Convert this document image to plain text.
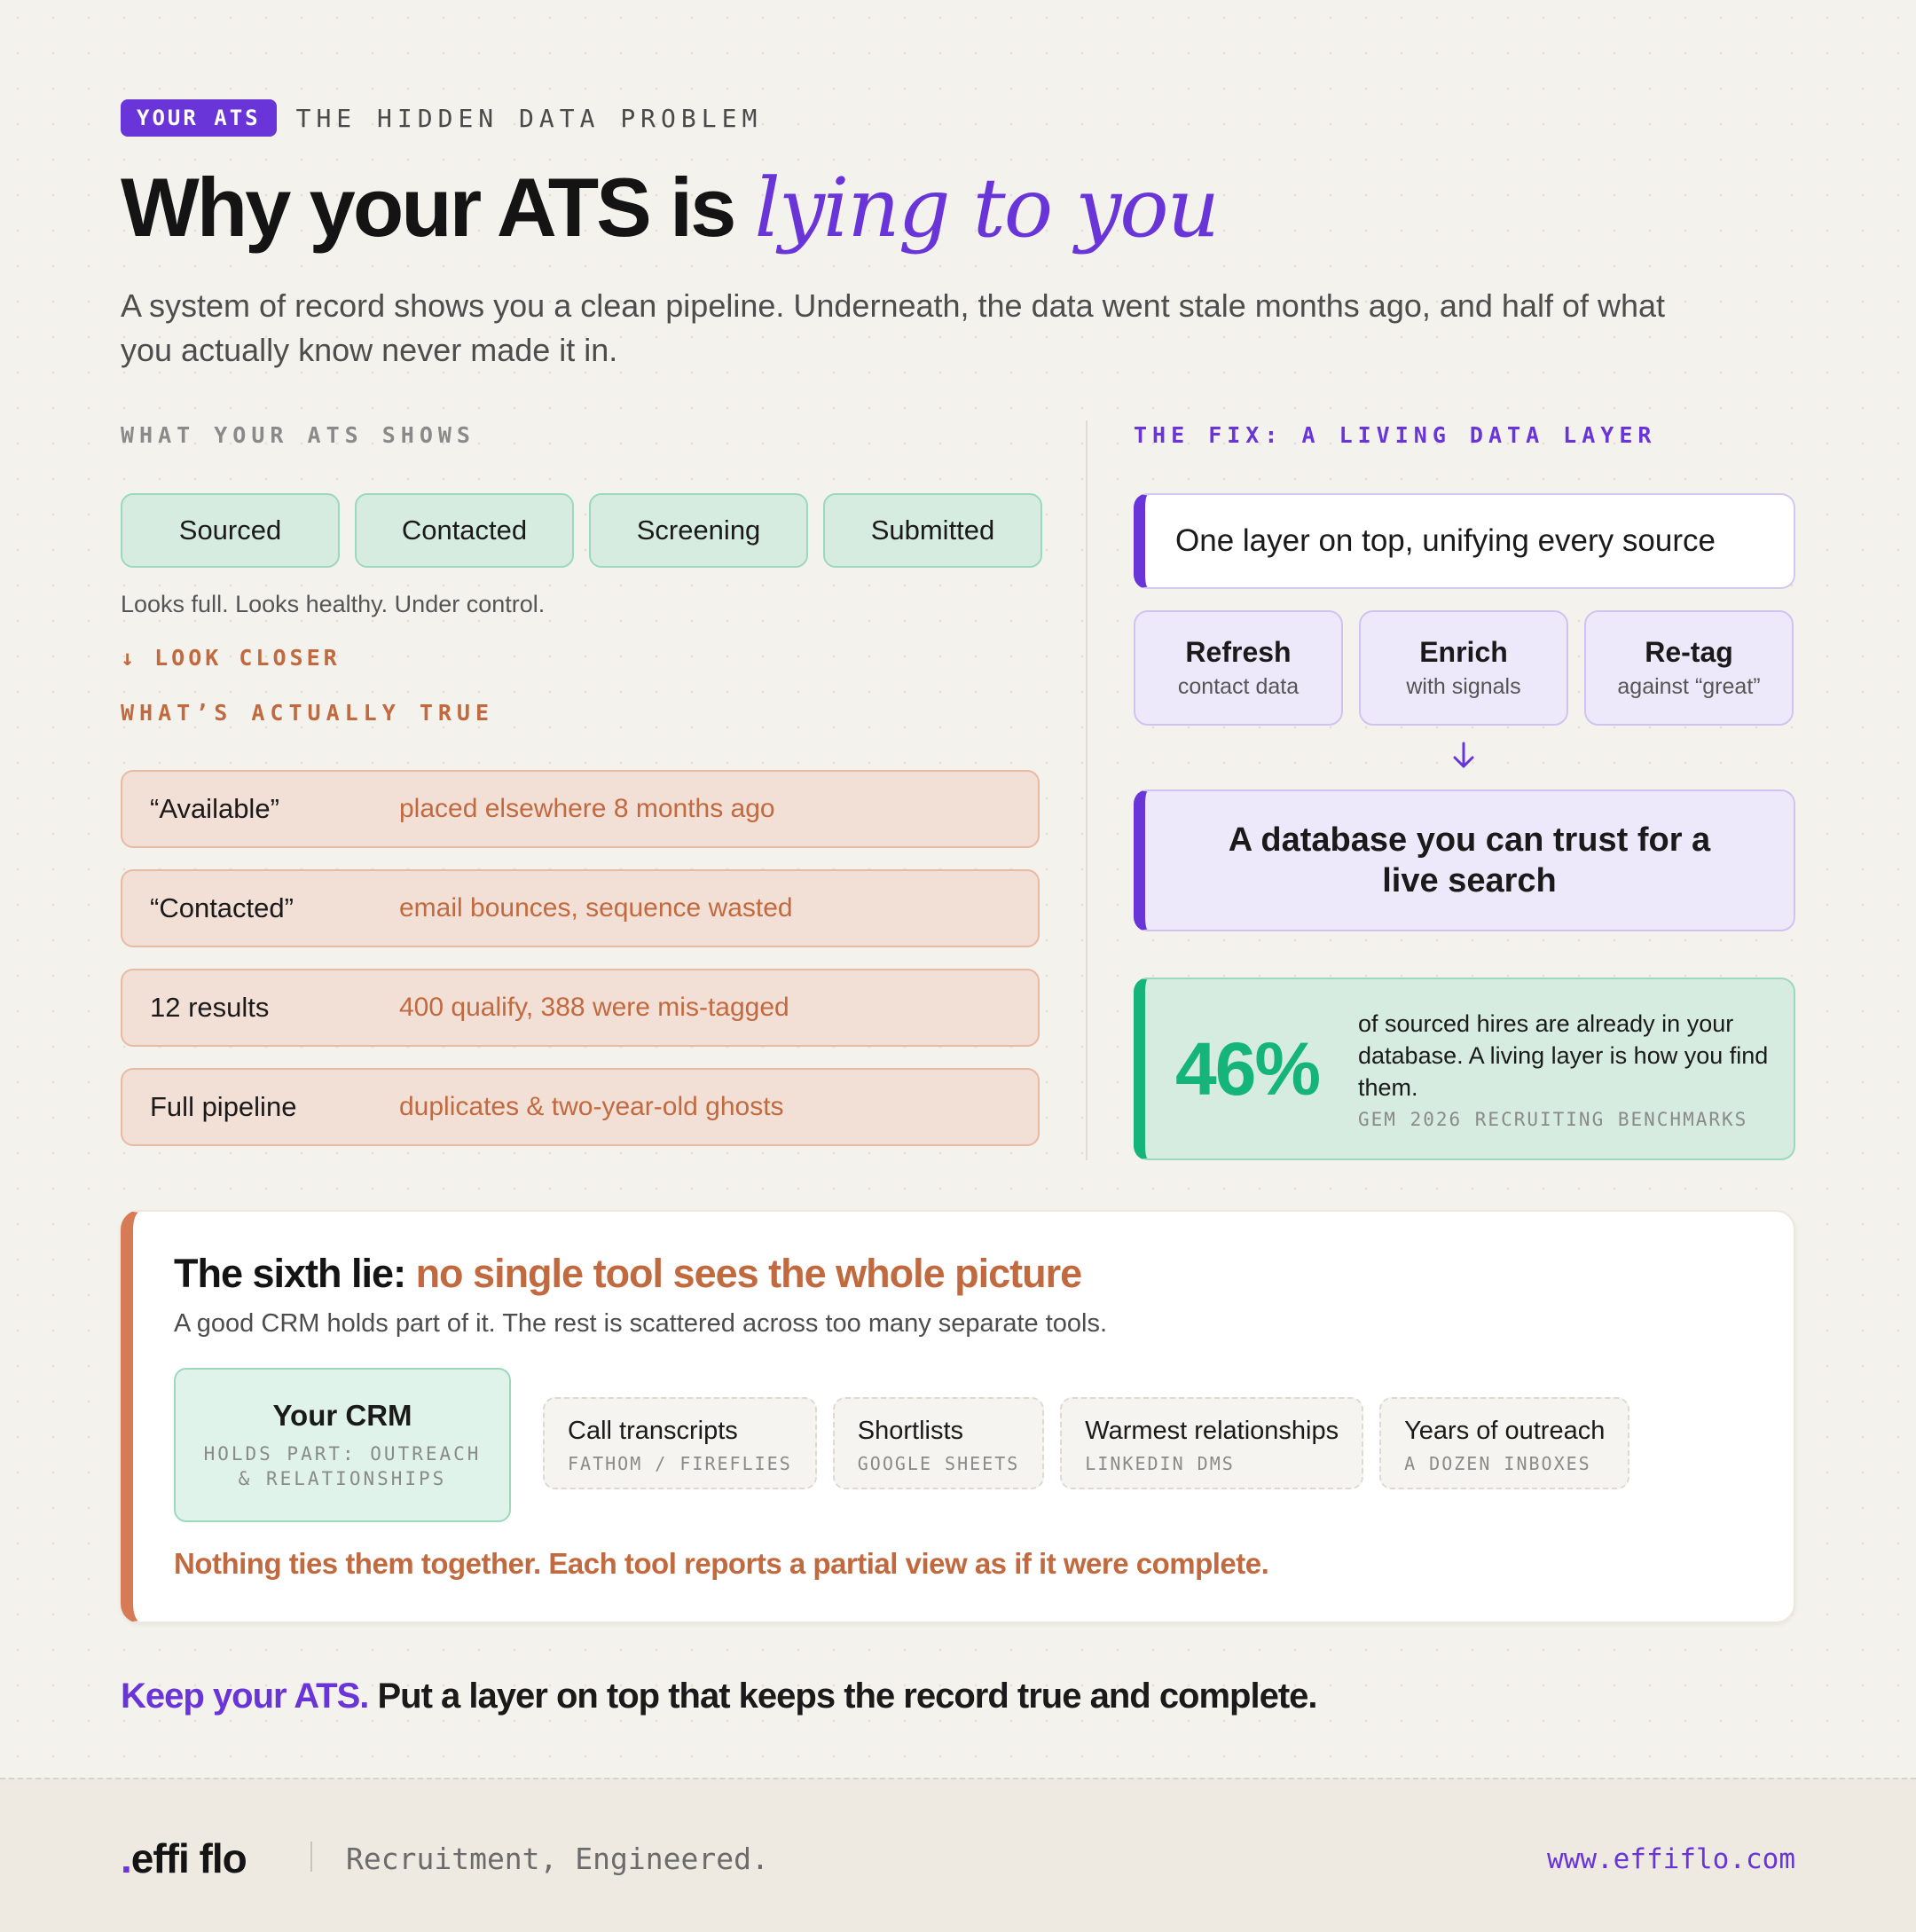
YOUR ATS	THE HIDDEN DATA PROBLEM
Why your ATS is lying to you

A system of record shows you a clean pipeline. Underneath, the data went stale months ago, and half of what you actually know never made it in.

WHAT YOUR ATS SHOWS
Sourced	Contacted	Screening	Submitted
Looks full. Looks healthy. Under control.
↓ LOOK CLOSER
WHAT’S ACTUALLY TRUE
“Available”	placed elsewhere 8 months ago
“Contacted”	email bounces, sequence wasted
12 results	400 qualify, 388 were mis-tagged
Full pipeline	duplicates & two-year-old ghosts
THE FIX: A LIVING DATA LAYER
One layer on top, unifying every source
Refresh
contact data
Enrich
with signals
Re-tag
against “great”
A database you can trust for a live search
46%
of sourced hires are already in your database. A living layer is how you find them.
GEM 2026 RECRUITING BENCHMARKS
The sixth lie: no single tool sees the whole picture
A good CRM holds part of it. The rest is scattered across too many separate tools.
Your CRM
HOLDS PART: OUTREACH & RELATIONSHIPS
Call transcripts
FATHOM / FIREFLIES
Shortlists
GOOGLE SHEETS
Warmest relationships
LINKEDIN DMS
Years of outreach
A DOZEN INBOXES
Nothing ties them together. Each tool reports a partial view as if it were complete.
Keep your ATS. Put a layer on top that keeps the record true and complete.
.effi flo	Recruitment, Engineered.	www.effiflo.com
